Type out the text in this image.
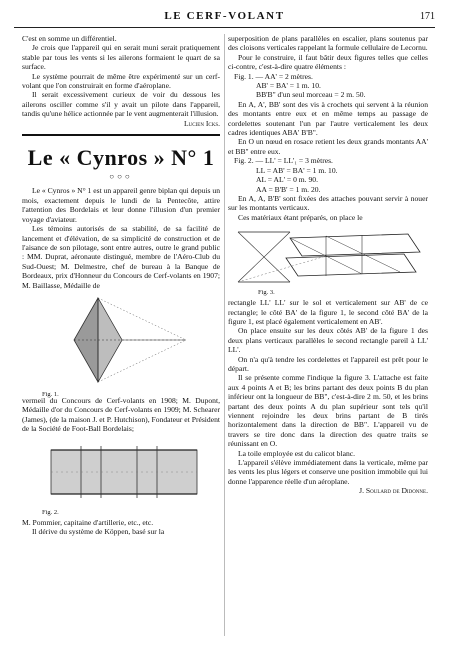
LE CERF-VOLANT	171

C'est en somme un différentiel.

Je crois que l'appareil qui en serait muni serait pratiquement stable par tous les vents si les ailerons formaient le quart de sa surface.

Le système pourrait de même être expérimenté sur un cerf-volant que l'on construirait en forme d'aéroplane.

Il serait excessivement curieux de voir du dessous les ailerons osciller comme s'il y avait un pilote dans l'appareil, tandis qu'une hélice actionnée par le vent augmenterait l'illusion.

Lucien Icks.
Le « Cynros » N° 1
○○○

Le « Cynros » N° 1 est un appareil genre biplan qui depuis un mois, exactement depuis le lundi de la Pentecôte, attire l'attention des Bordelais et leur donne l'illusion d'un premier voyage d'aviateur.

Les témoins autorisés de sa stabilité, de sa facilité de lancement et d'élévation, de sa simplicité de construction et de l'aisance de son pilotage, sont entre autres, outre le grand public : MM. Duprat, aéronaute distingué, membre de l'Aéro-Club du Sud-Ouest; M. Delmestre, chef de bureau à la Banque de Bordeaux, prix d'Honneur du Concours de Cerf-volants en 1907; M. Baillasse, Médaille de

Fig. 1.

vermeil du Concours de Cerf-volants en 1908; M. Dupont, Médaille d'or du Concours de Cerf-volants en 1909; M. Schearer (James), (de la maison J. et P. Hutchison), Fondateur et Président de la Société de Foot-Ball Bordelais;

Fig. 2.

M. Pommier, capitaine d'artillerie, etc., etc.

Il dérive du système de Köppen, basé sur la

superposition de plans parallèles en escalier, plans soutenus par des cloisons verticales rappelant la formule cellulaire de Lecornu.

Pour le construire, il faut bâtir deux figures telles que celles ci-contre, c'est-à-dire quatre éléments :

Fig. 1. — AA' = 2 mètres.

AB' = BA' = 1 m. 10.

BB'B" d'un seul morceau = 2 m. 50.

En A, A', BB' sont des vis à crochets qui servent à la réunion des montants entre eux et en même temps au passage de cordelettes soutenant l'un par l'autre verticalement les deux cadres identiques ABA' B'B".

En O un nœud en rosace retient les deux grands montants AA' et BB" entre eux.

Fig. 2. — LL' = LL'₁ = 3 mètres.

LL = AB' = BA' = 1 m. 10.

AL = AL' = 0 m. 90.

AA = B'B' = 1 m. 20.

En A, A, B'B' sont fixées des attaches pouvant servir à nouer sur les montants verticaux.

Ces matériaux étant préparés, on place le

Fig. 3.

rectangle LL' LL' sur le sol et verticalement sur AB' de ce rectangle; le côté BA' de la figure 1, le second côté BA' de la figure 1, est placé également verticalement en AB'.

On place ensuite sur les deux côtés AB' de la figure 1 des deux plans verticaux parallèles le second rectangle pareil à LL' LL'.

On n'a qu'à tendre les cordelettes et l'appareil est prêt pour le départ.

Il se présente comme l'indique la figure 3. L'attache est faite aux 4 points A et B; les brins partant des deux points B du plan inférieur ont la longueur de BB", c'est-à-dire 2 m. 50, et les brins partant des deux points A du plan supérieur sont tels qu'il viennent rejoindre les deux brins partant de B tirés horizontalement dans la direction de BB". L'appareil vu de travers se tire donc dans la direction des quatre traits se réunissant en O.

La toile employée est du calicot blanc.

L'appareil s'élève immédiatement dans la verticale, même par les vents les plus légers et conserve une position immobile qui lui donne l'apparence réelle d'un aéroplane.

J. Soulard de Didonne.
